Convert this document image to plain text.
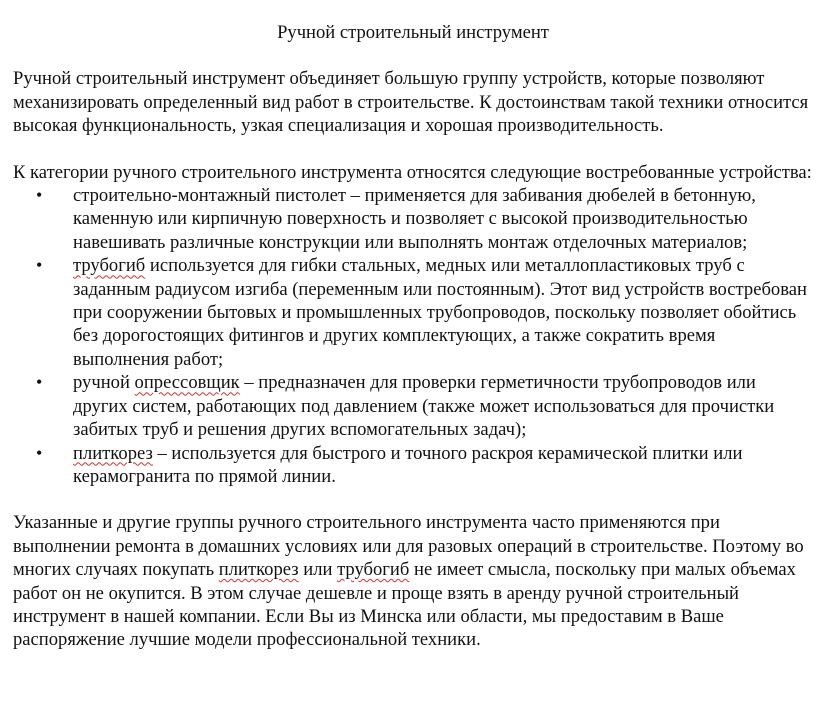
Ручной строительный инструмент

Ручной строительный инструмент объединяет большую группу устройств, которые позволяют механизировать определенный вид работ в строительстве. К достоинствам такой техники относится высокая функциональность, узкая специализация и хорошая производительность.

К категории ручного строительного инструмента относятся следующие востребованные устройства:

• строительно-монтажный пистолет – применяется для забивания дюбелей в бетонную, каменную или кирпичную поверхность и позволяет с высокой производительностью навешивать различные конструкции или выполнять монтаж отделочных материалов;
• трубогиб используется для гибки стальных, медных или металлопластиковых труб с заданным радиусом изгиба (переменным или постоянным). Этот вид устройств востребован при сооружении бытовых и промышленных трубопроводов, поскольку позволяет обойтись без дорогостоящих фитингов и других комплектующих, а также сократить время выполнения работ;
• ручной опрессовщик – предназначен для проверки герметичности трубопроводов или других систем, работающих под давлением (также может использоваться для прочистки забитых труб и решения других вспомогательных задач);
• плиткорез – используется для быстрого и точного раскроя керамической плитки или керамогранита по прямой линии.

Указанные и другие группы ручного строительного инструмента часто применяются при выполнении ремонта в домашних условиях или для разовых операций в строительстве. Поэтому во многих случаях покупать плиткорез или трубогиб не имеет смысла, поскольку при малых объемах работ он не окупится. В этом случае дешевле и проще взять в аренду ручной строительный инструмент в нашей компании. Если Вы из Минска или области, мы предоставим в Ваше распоряжение лучшие модели профессиональной техники.
